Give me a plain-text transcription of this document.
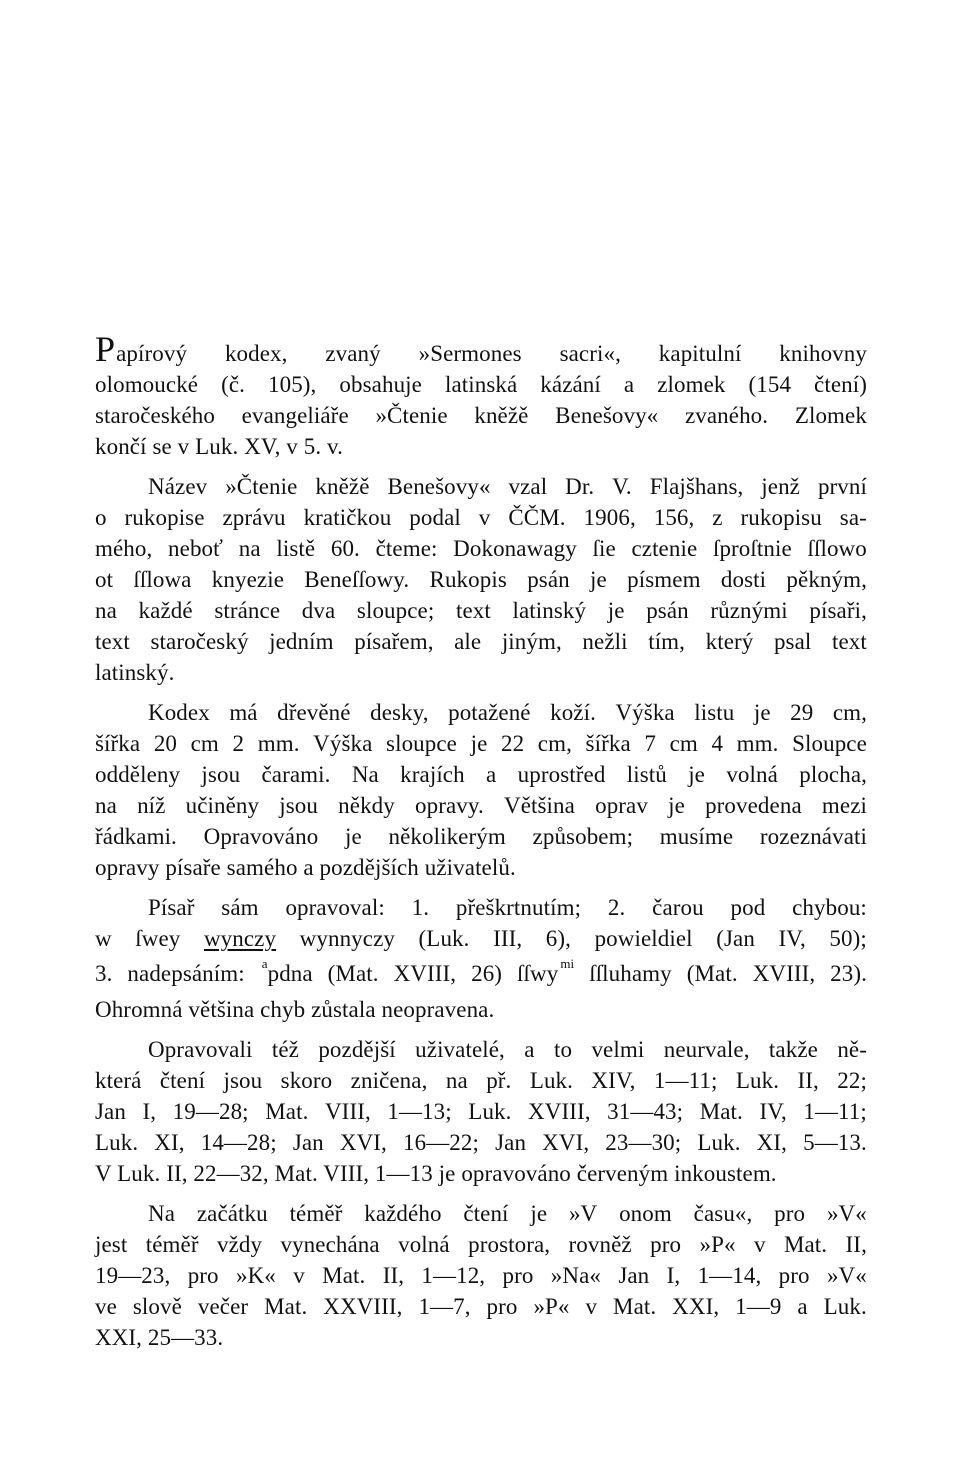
Papírový kodex, zvaný »Sermones sacri«, kapitulní knihovny
olomoucké (č. 105), obsahuje latinská kázání a zlomek (154 čtení)
staročeského evangeliáře »Čtenie kněžě Benešovy« zvaného. Zlomek
končí se v Luk. XV, v 5. v.
Název »Čtenie kněžě Benešovy« vzal Dr. V. Flajšhans, jenž první
o rukopise zprávu kratičkou podal v ČČM. 1906, 156, z rukopisu sa-
mého, neboť na listě 60. čteme: Dokonawagy ſie cztenie ſproſtnie ſſlowo
ot ſſlowa knyezie Beneſſowy. Rukopis psán je písmem dosti pěkným,
na každé stránce dva sloupce; text latinský je psán různými písaři,
text staročeský jedním písařem, ale jiným, nežli tím, který psal text
latinský.
Kodex má dřevěné desky, potažené koží. Výška listu je 29 cm,
šířka 20 cm 2 mm. Výška sloupce je 22 cm, šířka 7 cm 4 mm. Sloupce
odděleny jsou čarami. Na krajích a uprostřed listů je volná plocha,
na níž učiněny jsou někdy opravy. Většina oprav je provedena mezi
řádkami. Opravováno je několikerým způsobem; musíme rozeznávati
opravy písaře samého a pozdějších uživatelů.
Písař sám opravoval: 1. přeškrtnutím; 2. čarou pod chybou:
w ſwey wynczy wynnyczy (Luk. III, 6), powieldiel (Jan IV, 50);
3. nadepsáním: $^a$pdna (Mat. XVIII, 26) ſſwy $^{mi}$ ſſluhamy (Mat. XVIII, 23).
Ohromná většina chyb zůstala neopravena.
Opravovali též pozdější uživatelé, a to velmi neurvale, takže ně-
která čtení jsou skoro zničena, na př. Luk. XIV, 1—11; Luk. II, 22;
Jan I, 19—28; Mat. VIII, 1—13; Luk. XVIII, 31—43; Mat. IV, 1—11;
Luk. XI, 14—28; Jan XVI, 16—22; Jan XVI, 23—30; Luk. XI, 5—13.
V Luk. II, 22—32, Mat. VIII, 1—13 je opravováno červeným inkoustem.
Na začátku téměř každého čtení je »V onom času«, pro »V«
jest téměř vždy vynechána volná prostora, rovněž pro »P« v Mat. II,
19—23, pro »K« v Mat. II, 1—12, pro »Na« Jan I, 1—14, pro »V«
ve slově večer Mat. XXVIII, 1—7, pro »P« v Mat. XXI, 1—9 a Luk.
XXI, 25—33.
